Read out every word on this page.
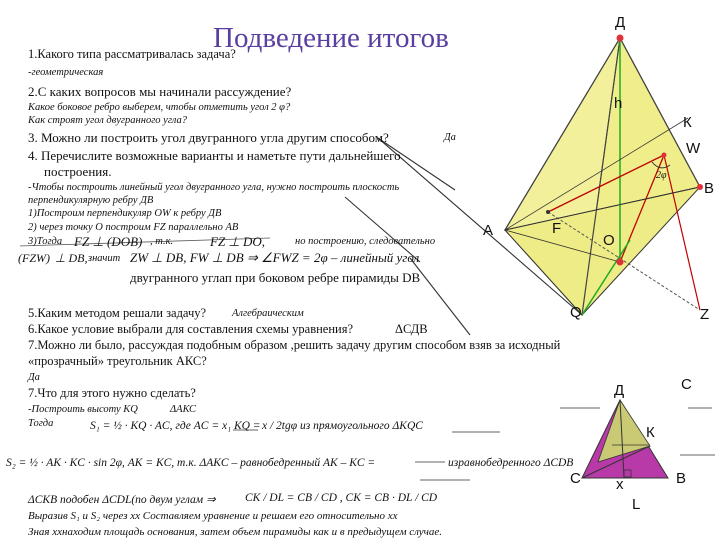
Подведение итогов
1.Какого типа рассматривалась задача?
-геометрическая
2.С каких вопросов мы начинали рассуждение?
Какое боковое ребро выберем, чтобы отметить угол 2 φ?
Как строят угол двугранного угла?
3. Можно ли построить угол двугранного угла другим способом?	Да
4. Перечислите возможные варианты и наметьте пути дальнейшего
построения.
-Чтобы построить линейный угол двугранного угла, нужно построить плоскость
перпендикулярную ребру ДВ
1)Построим перпендикуляр OW к ребру ДВ
2) через точку О построим FZ параллельно АВ
3)Тогда FZ ⊥ (DOB) , т.к.	FZ ⊥ DO,	но построению, следовательно
(FZW) ⊥ DB, значит ZW ⊥ DB, FW ⊥ DB ⇒ ∠FWZ = 2φ – линейный угол
двугранного углап при боковом ребре пирамиды DB
5.Каким методом решали задачу? Алгебраическим
6.Какое условие выбрали для составления схемы уравнения?	ΔСДВ
7.Можно ли было, рассуждая подобным образом ,решить задачу другим способом взяв за исходный
«прозрачный» треугольник АКС?
Да
7.Что для этого нужно сделать?
-Построить высоту KQ	ΔАКС
Тогда	S₁ = ½ · KQ · AC, где AC = x₁ KQ = x / 2tgφ из прямоугольного ΔKQC
S₂ = ½ · AK · KC · sin 2φ, AK = KC, т.к. ΔAKC – равнобедренный AK – KC =	изравнобедренного ΔCDB
ΔCKB подобен ΔCDL(по двум углам ⇒	CK / DL = CB / CD , CK = CB · DL / CD
Выразив S₁ и S₂ через хх Составляем уравнение и решаем его относительно хх
Зная ххнаходим площадь основания, затем объем пирамиды как и в предыдущем случае.
Д
h
К
W
В
F
А
О
Q	Z
2φ
С
Д
С
К
В
x
L
